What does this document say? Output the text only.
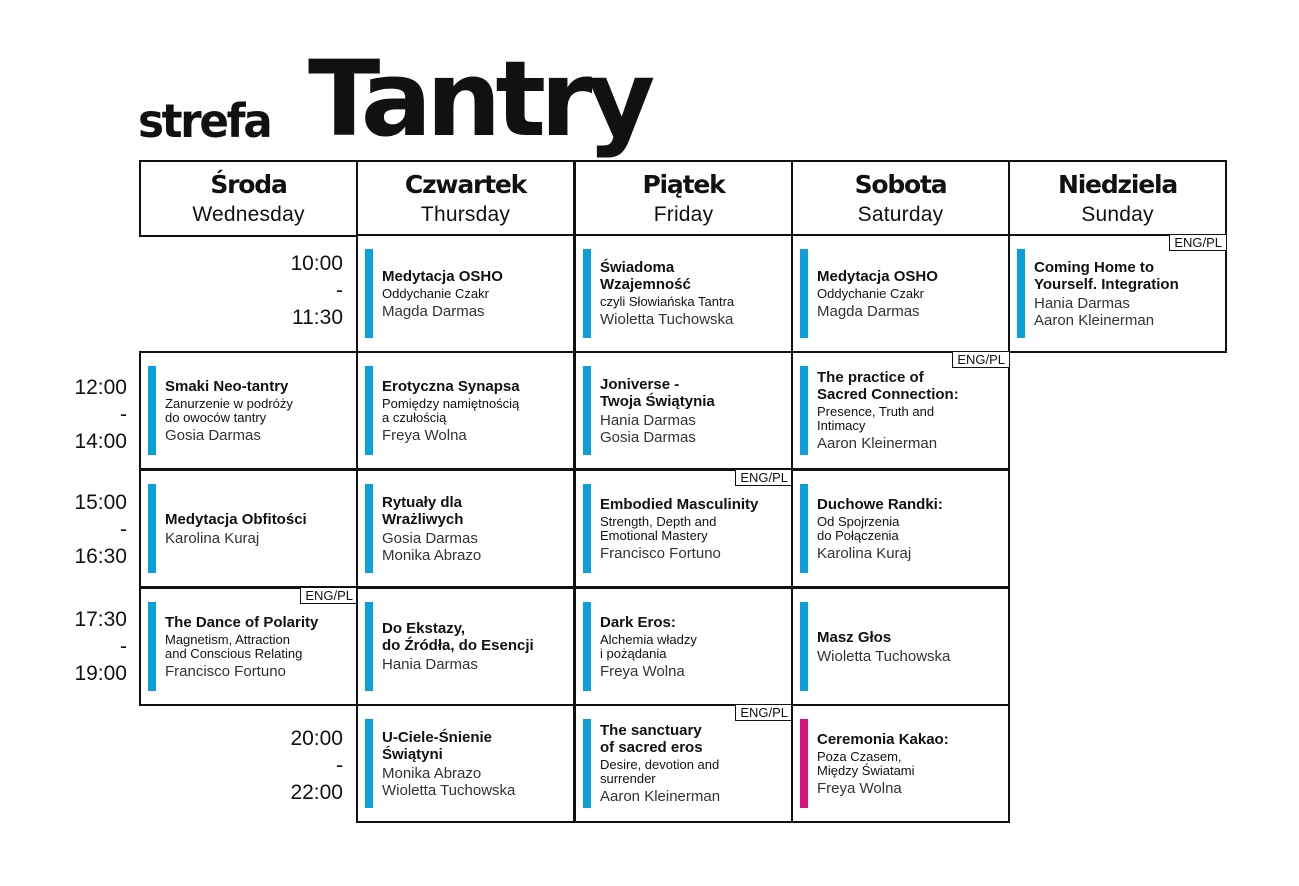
strefa Tantry
Środa
Wednesday
Czwartek
Thursday
Piątek
Friday
Sobota
Saturday
Niedziela
Sunday
10:00
-
11:30
12:00
-
14:00
15:00
-
16:30
17:30
-
19:00
20:00
-
22:00
Medytacja OSHO
Oddychanie Czakr
Magda Darmas
Świadoma
Wzajemność
czyli Słowiańska Tantra
Wioletta Tuchowska
Medytacja OSHO
Oddychanie Czakr
Magda Darmas
Coming Home to
Yourself. Integration
Hania Darmas
Aaron Kleinerman
ENG/PL
Smaki Neo-tantry
Zanurzenie w podróży
do owoców tantry
Gosia Darmas
Erotyczna Synapsa
Pomiędzy namiętnością
a czułością
Freya Wolna
Joniverse -
Twoja Świątynia
Hania Darmas
Gosia Darmas
The practice of
Sacred Connection:
Presence, Truth and
Intimacy
Aaron Kleinerman
ENG/PL
Medytacja Obfitości
Karolina Kuraj
Rytuały dla
Wrażliwych
Gosia Darmas
Monika Abrazo
Embodied Masculinity
Strength, Depth and
Emotional Mastery
Francisco Fortuno
ENG/PL
Duchowe Randki:
Od Spojrzenia
do Połączenia
Karolina Kuraj
The Dance of Polarity
Magnetism, Attraction
and Conscious Relating
Francisco Fortuno
ENG/PL
Do Ekstazy,
do Źródła, do Esencji
Hania Darmas
Dark Eros:
Alchemia władzy
i pożądania
Freya Wolna
Masz Głos
Wioletta Tuchowska
U-Ciele-Śnienie
Świątyni
Monika Abrazo
Wioletta Tuchowska
The sanctuary
of sacred eros
Desire, devotion and
surrender
Aaron Kleinerman
ENG/PL
Ceremonia Kakao:
Poza Czasem,
Między Światami
Freya Wolna
